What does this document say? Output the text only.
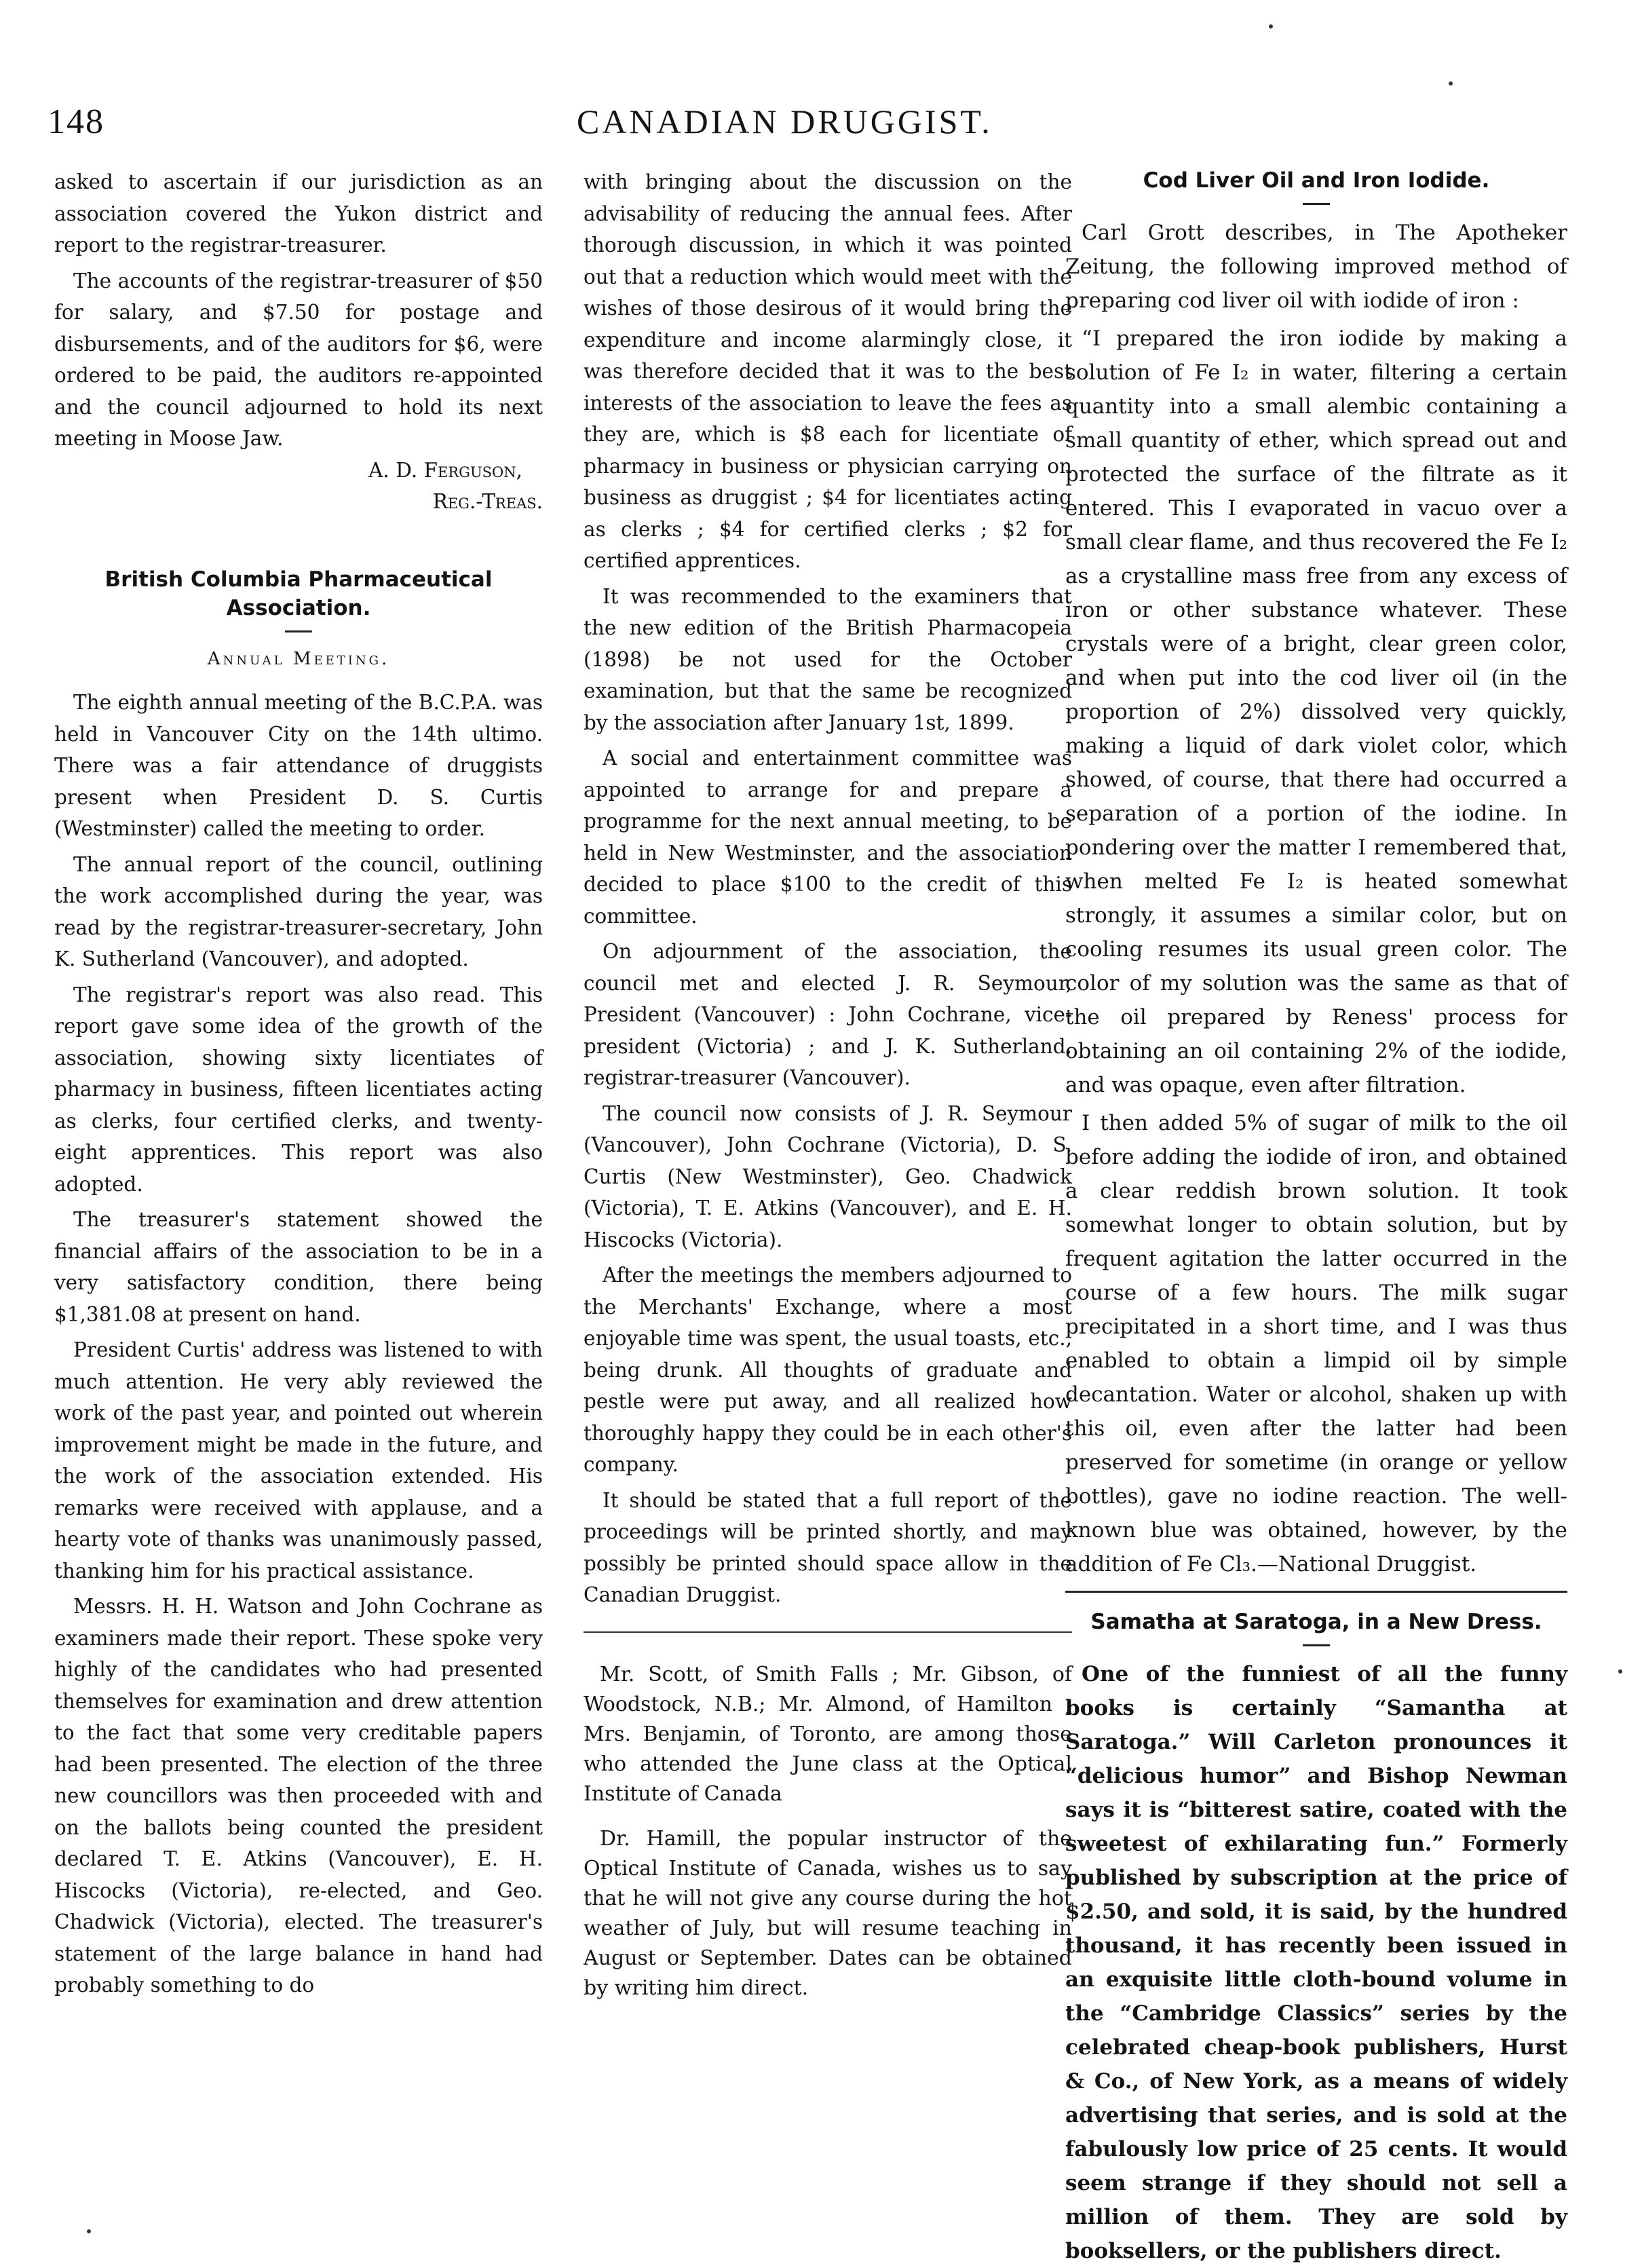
148	CANADIAN DRUGGIST.

asked to ascertain if our jurisdiction as an association covered the Yukon district and report to the registrar-treasurer.

The accounts of the registrar-treasurer of $50 for salary, and $7.50 for postage and disbursements, and of the auditors for $6, were ordered to be paid, the auditors re-appointed and the council adjourned to hold its next meeting in Moose Jaw.

A. D. Ferguson,
Reg.-Treas.
British Columbia Pharmaceutical Association.
Annual Meeting.

The eighth annual meeting of the B.C.P.A. was held in Vancouver City on the 14th ultimo. There was a fair attendance of druggists present when President D. S. Curtis (Westminster) called the meeting to order.

The annual report of the council, outlining the work accomplished during the year, was read by the registrar-treasurer-secretary, John K. Sutherland (Vancouver), and adopted.

The registrar's report was also read. This report gave some idea of the growth of the association, showing sixty licentiates of pharmacy in business, fifteen licentiates acting as clerks, four certified clerks, and twenty-eight apprentices. This report was also adopted.

The treasurer's statement showed the financial affairs of the association to be in a very satisfactory condition, there being $1,381.08 at present on hand.

President Curtis' address was listened to with much attention. He very ably reviewed the work of the past year, and pointed out wherein improvement might be made in the future, and the work of the association extended. His remarks were received with applause, and a hearty vote of thanks was unanimously passed, thanking him for his practical assistance.

Messrs. H. H. Watson and John Cochrane as examiners made their report. These spoke very highly of the candidates who had presented themselves for examination and drew attention to the fact that some very creditable papers had been presented. The election of the three new councillors was then proceeded with and on the ballots being counted the president declared T. E. Atkins (Vancouver), E. H. Hiscocks (Victoria), re-elected, and Geo. Chadwick (Victoria), elected. The treasurer's statement of the large balance in hand had probably something to do

with bringing about the discussion on the advisability of reducing the annual fees. After thorough discussion, in which it was pointed out that a reduction which would meet with the wishes of those desirous of it would bring the expenditure and income alarmingly close, it was therefore decided that it was to the best interests of the association to leave the fees as they are, which is $8 each for licentiate of pharmacy in business or physician carrying on business as druggist ; $4 for licentiates acting as clerks ; $4 for certified clerks ; $2 for certified apprentices.

It was recommended to the examiners that the new edition of the British Pharmacopeia (1898) be not used for the October examination, but that the same be recognized by the association after January 1st, 1899.

A social and entertainment committee was appointed to arrange for and prepare a programme for the next annual meeting, to be held in New Westminster, and the association decided to place $100 to the credit of this committee.

On adjournment of the association, the council met and elected J. R. Seymour, President (Vancouver) : John Cochrane, vice-president (Victoria) ; and J. K. Sutherland, registrar-treasurer (Vancouver).

The council now consists of J. R. Seymour (Vancouver), John Cochrane (Victoria), D. S. Curtis (New Westminster), Geo. Chadwick (Victoria), T. E. Atkins (Vancouver), and E. H. Hiscocks (Victoria).

After the meetings the members adjourned to the Merchants' Exchange, where a most enjoyable time was spent, the usual toasts, etc., being drunk. All thoughts of graduate and pestle were put away, and all realized how thoroughly happy they could be in each other's company.

It should be stated that a full report of the proceedings will be printed shortly, and may possibly be printed should space allow in the Canadian Druggist.

Mr. Scott, of Smith Falls ; Mr. Gibson, of Woodstock, N.B.; Mr. Almond, of Hamilton ; Mrs. Benjamin, of Toronto, are among those who attended the June class at the Optical Institute of Canada

Dr. Hamill, the popular instructor of the Optical Institute of Canada, wishes us to say that he will not give any course during the hot weather of July, but will resume teaching in August or September. Dates can be obtained by writing him direct.

Cod Liver Oil and Iron Iodide.

Carl Grott describes, in The Apotheker Zeitung, the following improved method of preparing cod liver oil with iodide of iron :

“I prepared the iron iodide by making a solution of Fe I₂ in water, filtering a certain quantity into a small alembic containing a small quantity of ether, which spread out and protected the surface of the filtrate as it entered. This I evaporated in vacuo over a small clear flame, and thus recovered the Fe I₂ as a crystalline mass free from any excess of iron or other substance whatever. These crystals were of a bright, clear green color, and when put into the cod liver oil (in the proportion of 2%) dissolved very quickly, making a liquid of dark violet color, which showed, of course, that there had occurred a separation of a portion of the iodine. In pondering over the matter I remembered that, when melted Fe I₂ is heated somewhat strongly, it assumes a similar color, but on cooling resumes its usual green color. The color of my solution was the same as that of the oil prepared by Reness' process for obtaining an oil containing 2% of the iodide, and was opaque, even after filtration.

I then added 5% of sugar of milk to the oil before adding the iodide of iron, and obtained a clear reddish brown solution. It took somewhat longer to obtain solution, but by frequent agitation the latter occurred in the course of a few hours. The milk sugar precipitated in a short time, and I was thus enabled to obtain a limpid oil by simple decantation. Water or alcohol, shaken up with this oil, even after the latter had been preserved for sometime (in orange or yellow bottles), gave no iodine reaction. The well-known blue was obtained, however, by the addition of Fe Cl₃.—National Druggist.

Samatha at Saratoga, in a New Dress.

One of the funniest of all the funny books is certainly “Samantha at Saratoga.” Will Carleton pronounces it “delicious humor” and Bishop Newman says it is “bitterest satire, coated with the sweetest of exhilarating fun.” Formerly published by subscription at the price of $2.50, and sold, it is said, by the hundred thousand, it has recently been issued in an exquisite little cloth-bound volume in the “Cambridge Classics” series by the celebrated cheap-book publishers, Hurst & Co., of New York, as a means of widely advertising that series, and is sold at the fabulously low price of 25 cents. It would seem strange if they should not sell a million of them. They are sold by booksellers, or the publishers direct.
